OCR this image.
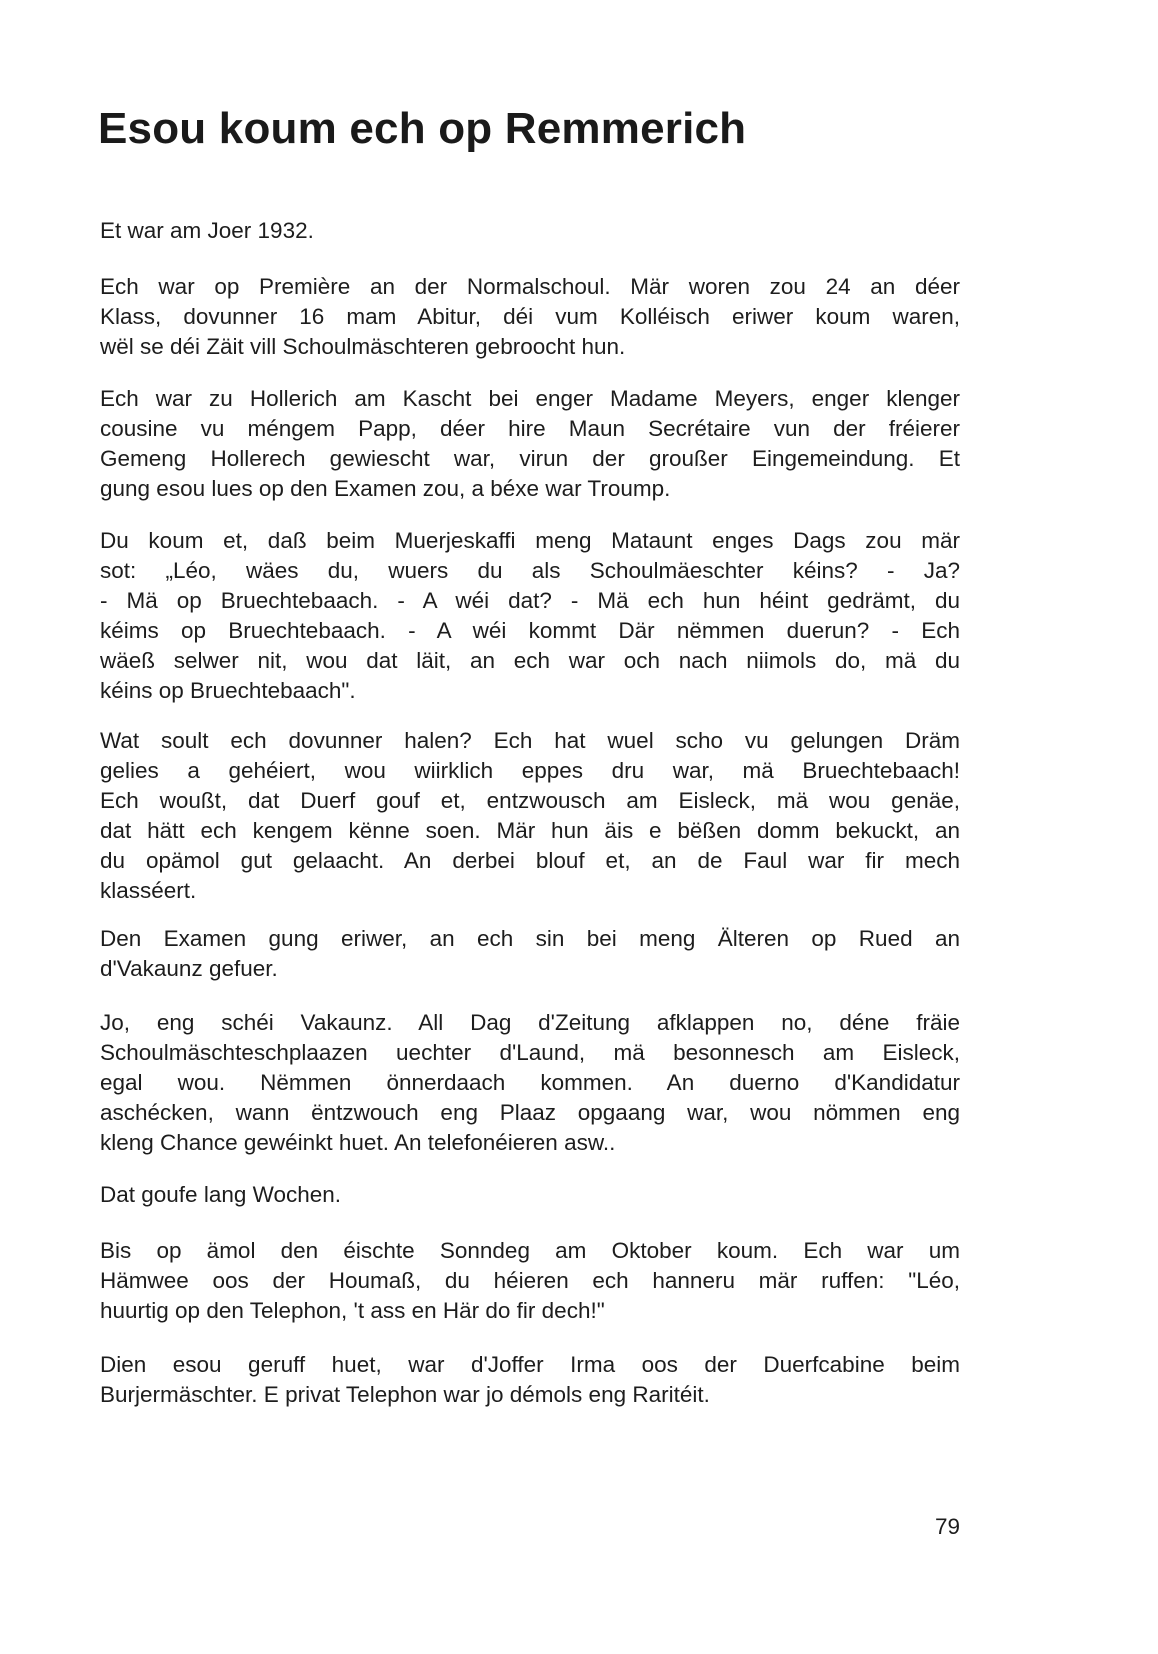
Esou koum ech op Remmerich

Et war am Joer 1932.

Ech war op Première an der Normalschoul. Mär woren zou 24 an déer
Klass, dovunner 16 mam Abitur, déi vum Kolléisch eriwer koum waren,
wël se déi Zäit vill Schoulmäschteren gebroocht hun.

Ech war zu Hollerich am Kascht bei enger Madame Meyers, enger klenger
cousine vu méngem Papp, déer hire Maun Secrétaire vun der fréierer
Gemeng Hollerech gewiescht war, virun der groußer Eingemeindung. Et
gung esou lues op den Examen zou, a béxe war Troump.

Du koum et, daß beim Muerjeskaffi meng Mataunt enges Dags zou mär
sot: „Léo, wäes du, wuers du als Schoulmäeschter kéins? - Ja?
- Mä op Bruechtebaach. - A wéi dat? - Mä ech hun héint gedrämt, du
kéims op Bruechtebaach. - A wéi kommt Där nëmmen duerun? - Ech
wäeß selwer nit, wou dat läit, an ech war och nach niimols do, mä du
kéins op Bruechtebaach".

Wat soult ech dovunner halen? Ech hat wuel scho vu gelungen Dräm
gelies a gehéiert, wou wiirklich eppes dru war, mä Bruechtebaach!
Ech woußt, dat Duerf gouf et, entzwousch am Eisleck, mä wou genäe,
dat hätt ech kengem kënne soen. Mär hun äis e bëßen domm bekuckt, an
du opämol gut gelaacht. An derbei blouf et, an de Faul war fir mech
klasséert.

Den Examen gung eriwer, an ech sin bei meng Älteren op Rued an
d'Vakaunz gefuer.

Jo, eng schéi Vakaunz. All Dag d'Zeitung afklappen no, déne fräie
Schoulmäschteschplaazen uechter d'Laund, mä besonnesch am Eisleck,
egal wou. Nëmmen önnerdaach kommen. An duerno d'Kandidatur
aschécken, wann ëntzwouch eng Plaaz opgaang war, wou nömmen eng
kleng Chance gewéinkt huet. An telefonéieren asw..

Dat goufe lang Wochen.

Bis op ämol den éischte Sonndeg am Oktober koum. Ech war um
Hämwee oos der Houmaß, du héieren ech hanneru mär ruffen: "Léo,
huurtig op den Telephon, 't ass en Här do fir dech!"

Dien esou geruff huet, war d'Joffer Irma oos der Duerfcabine beim
Burjermäschter. E privat Telephon war jo démols eng Raritéit.

79
